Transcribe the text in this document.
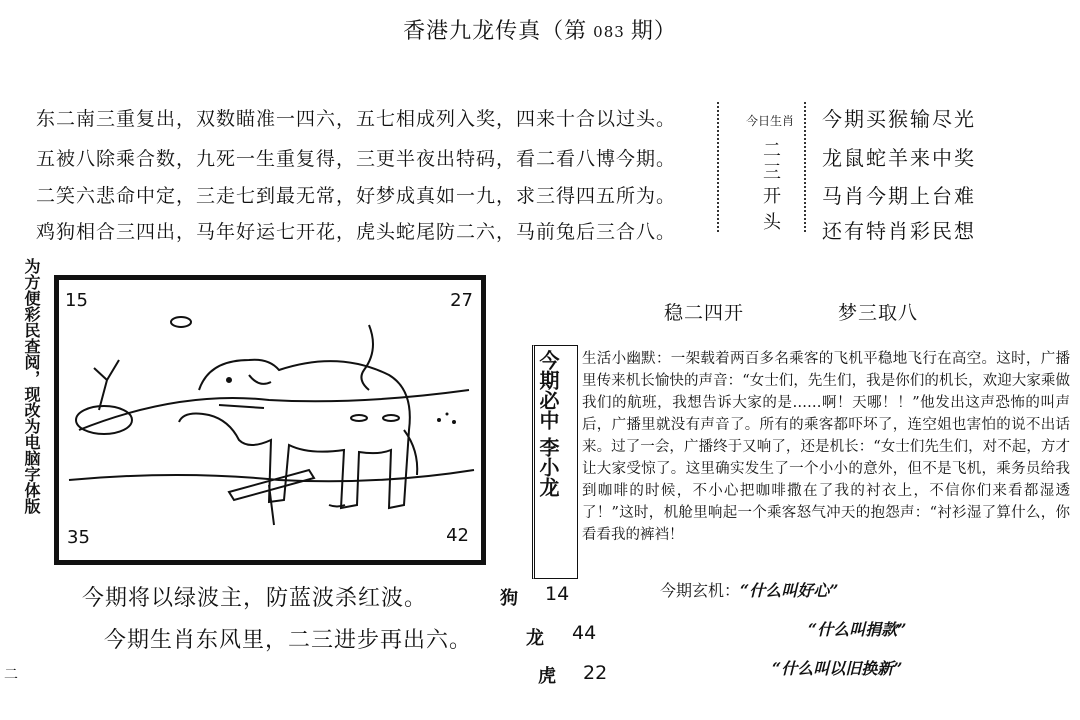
香港九龙传真（第 083 期）
东二南三重复出，双数瞄准一四六，五七相成列入奖，四来十合以过头。
五被八除乘合数，九死一生重复得，三更半夜出特码，看二看八博今期。
二笑六悲命中定，三走七到最无常，好梦成真如一九，求三得四五所为。
鸡狗相合三四出，马年好运七开花，虎头蛇尾防二六，马前兔后三合八。
今日生肖
二
三
开
头
今期买猴输尽光
龙鼠蛇羊来中奖
马肖今期上台难
还有特肖彩民想
为方便彩民查阅，现改为电脑字体版 15	27
35	42
稳二四开	梦三取八
今期必中 李小龙 生活小幽默：一架载着两百多名乘客的飞机平稳地飞行在高空。这时，广播里传来机长愉快的声音：“女士们，先生们，我是你们的机长，欢迎大家乘做我们的航班，我想告诉大家的是……啊！天哪！！”他发出这声恐怖的叫声后，广播里就没有声音了。所有的乘客都吓坏了，连空姐也害怕的说不出话来。过了一会，广播终于又响了，还是机长：“女士们先生们，对不起，方才让大家受惊了。这里确实发生了一个小小的意外，但不是飞机，乘务员给我到咖啡的时候，不小心把咖啡撒在了我的衬衣上，不信你们来看都湿透了！”这时，机舱里响起一个乘客怒气冲天的抱怨声：“衬衫湿了算什么，你看看我的裤裆！
今期将以绿波主，防蓝波杀红波。
今期生肖东风里，二三进步再出六。
狗 14
龙 44
虎 22
今期玄机：“什么叫好心”
“什么叫捐款”
“什么叫以旧换新”
二
